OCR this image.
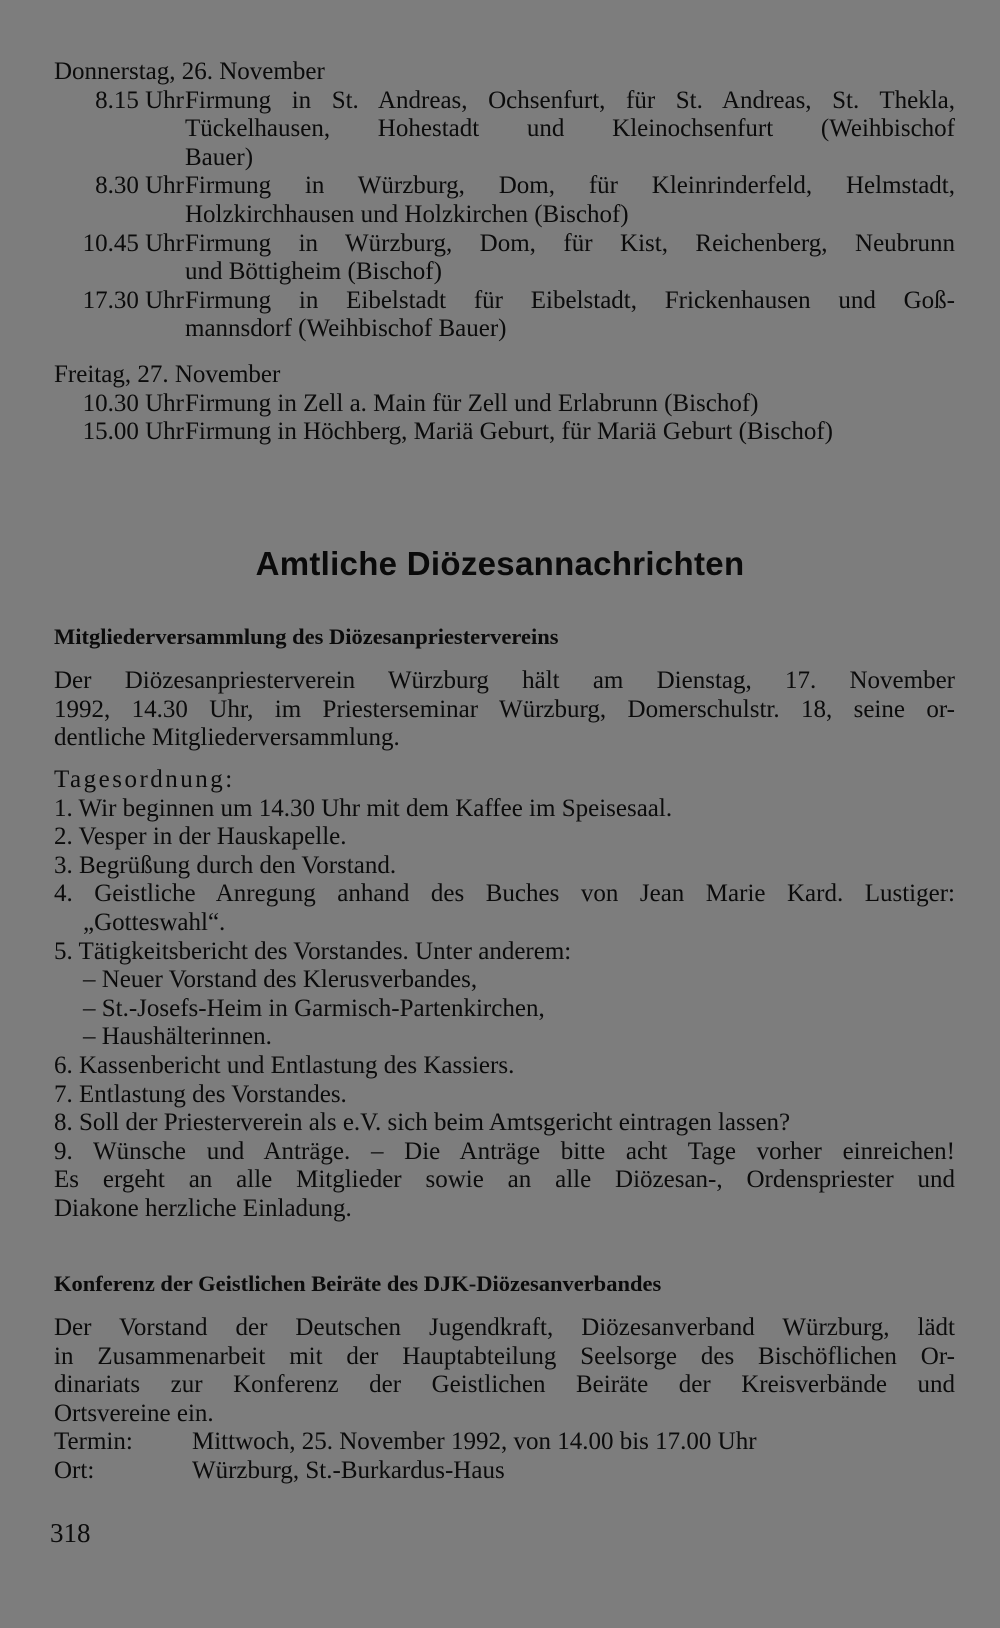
Donnerstag, 26. November
8.15 Uhr Firmung in St. Andreas, Ochsenfurt, für St. Andreas, St. Thekla,
Tückelhausen, Hohestadt und Kleinochsenfurt (Weihbischof
Bauer)
8.30 Uhr Firmung in Würzburg, Dom, für Kleinrinderfeld, Helmstadt,
Holzkirchhausen und Holzkirchen (Bischof)
10.45 Uhr Firmung in Würzburg, Dom, für Kist, Reichenberg, Neubrunn
und Böttigheim (Bischof)
17.30 Uhr Firmung in Eibelstadt für Eibelstadt, Frickenhausen und Goß-
mannsdorf (Weihbischof Bauer)
Freitag, 27. November
10.30 Uhr Firmung in Zell a. Main für Zell und Erlabrunn (Bischof)
15.00 Uhr Firmung in Höchberg, Mariä Geburt, für Mariä Geburt (Bischof)
Amtliche Diözesannachrichten
Mitgliederversammlung des Diözesanpriestervereins
Der Diözesanpriesterverein Würzburg hält am Dienstag, 17. November
1992, 14.30 Uhr, im Priesterseminar Würzburg, Domerschulstr. 18, seine or-
dentliche Mitgliederversammlung.
Tagesordnung:
1. Wir beginnen um 14.30 Uhr mit dem Kaffee im Speisesaal.
2. Vesper in der Hauskapelle.
3. Begrüßung durch den Vorstand.
4. Geistliche Anregung anhand des Buches von Jean Marie Kard. Lustiger:
„Gotteswahl“.
5. Tätigkeitsbericht des Vorstandes. Unter anderem:
– Neuer Vorstand des Klerusverbandes,
– St.-Josefs-Heim in Garmisch-Partenkirchen,
– Haushälterinnen.
6. Kassenbericht und Entlastung des Kassiers.
7. Entlastung des Vorstandes.
8. Soll der Priesterverein als e.V. sich beim Amtsgericht eintragen lassen?
9. Wünsche und Anträge. – Die Anträge bitte acht Tage vorher einreichen!
Es ergeht an alle Mitglieder sowie an alle Diözesan-, Ordenspriester und
Diakone herzliche Einladung.
Konferenz der Geistlichen Beiräte des DJK-Diözesanverbandes
Der Vorstand der Deutschen Jugendkraft, Diözesanverband Würzburg, lädt
in Zusammenarbeit mit der Hauptabteilung Seelsorge des Bischöflichen Or-
dinariats zur Konferenz der Geistlichen Beiräte der Kreisverbände und
Ortsvereine ein.
Termin: Mittwoch, 25. November 1992, von 14.00 bis 17.00 Uhr
Ort:	Würzburg, St.-Burkardus-Haus
318
